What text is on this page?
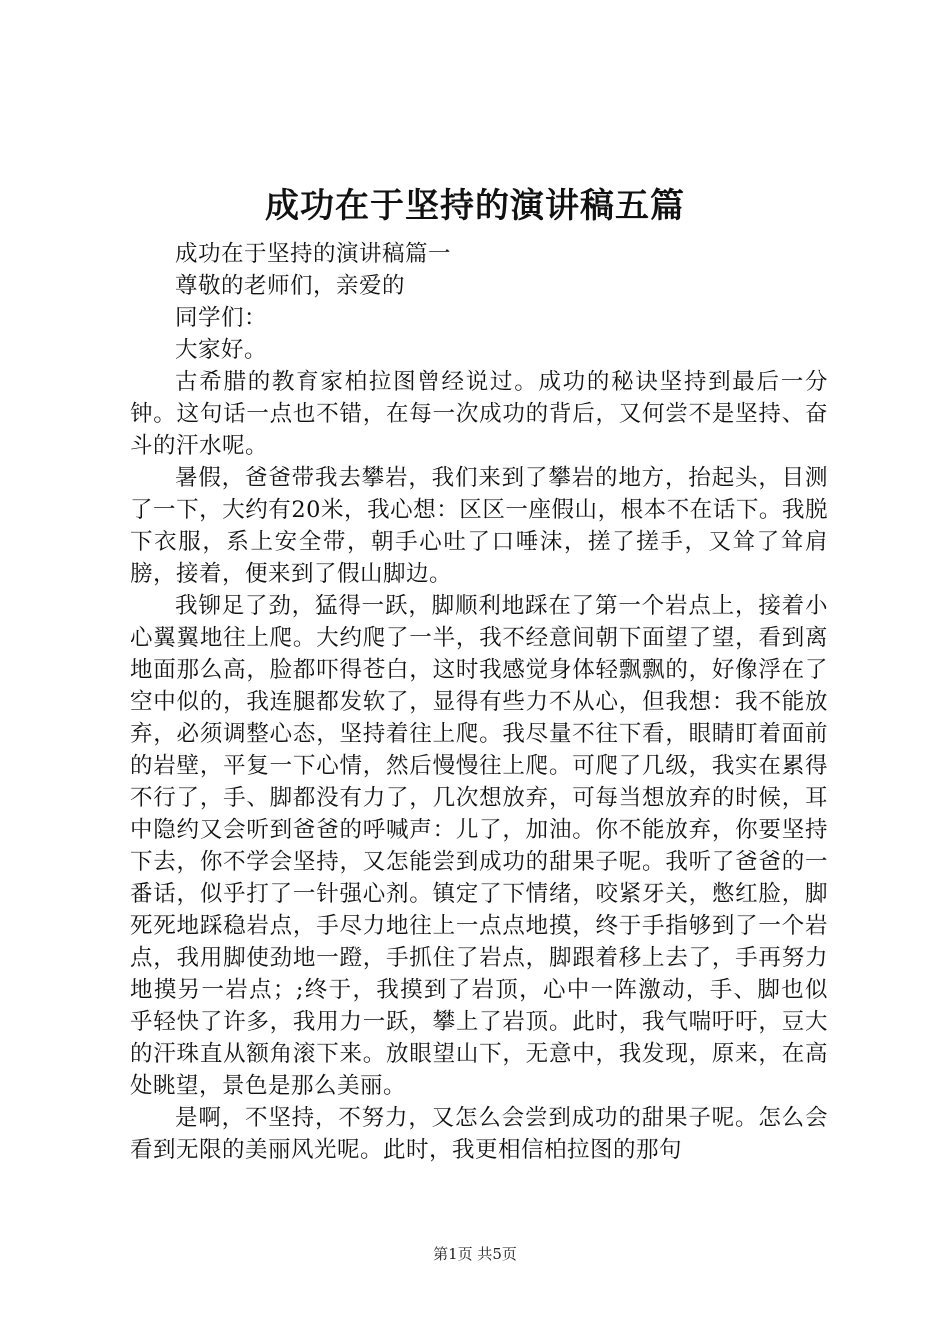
成功在于坚持的演讲稿五篇

成功在于坚持的演讲稿篇一

尊敬的老师们，亲爱的

同学们：

大家好。

古希腊的教育家柏拉图曾经说过。成功的秘诀坚持到最后一分钟。这句话一点也不错，在每一次成功的背后，又何尝不是坚持、奋斗的汗水呢。

暑假，爸爸带我去攀岩，我们来到了攀岩的地方，抬起头，目测了一下，大约有20米，我心想：区区一座假山，根本不在话下。我脱下衣服，系上安全带，朝手心吐了口唾沫，搓了搓手，又耸了耸肩膀，接着，便来到了假山脚边。

我铆足了劲，猛得一跃，脚顺利地踩在了第一个岩点上，接着小心翼翼地往上爬。大约爬了一半，我不经意间朝下面望了望，看到离地面那么高，脸都吓得苍白，这时我感觉身体轻飘飘的，好像浮在了空中似的，我连腿都发软了，显得有些力不从心，但我想：我不能放弃，必须调整心态，坚持着往上爬。我尽量不往下看，眼睛盯着面前的岩壁，平复一下心情，然后慢慢往上爬。可爬了几级，我实在累得不行了，手、脚都没有力了，几次想放弃，可每当想放弃的时候，耳中隐约又会听到爸爸的呼喊声：儿了，加油。你不能放弃，你要坚持下去，你不学会坚持，又怎能尝到成功的甜果子呢。我听了爸爸的一番话，似乎打了一针强心剂。镇定了下情绪，咬紧牙关，憋红脸，脚死死地踩稳岩点，手尽力地往上一点点地摸，终于手指够到了一个岩点，我用脚使劲地一蹬，手抓住了岩点，脚跟着移上去了，手再努力地摸另一岩点；;终于，我摸到了岩顶，心中一阵激动，手、脚也似乎轻快了许多，我用力一跃，攀上了岩顶。此时，我气喘吁吁，豆大的汗珠直从额角滚下来。放眼望山下，无意中，我发现，原来，在高处眺望，景色是那么美丽。

是啊，不坚持，不努力，又怎么会尝到成功的甜果子呢。怎么会看到无限的美丽风光呢。此时，我更相信柏拉图的那句

第1页 共5页
